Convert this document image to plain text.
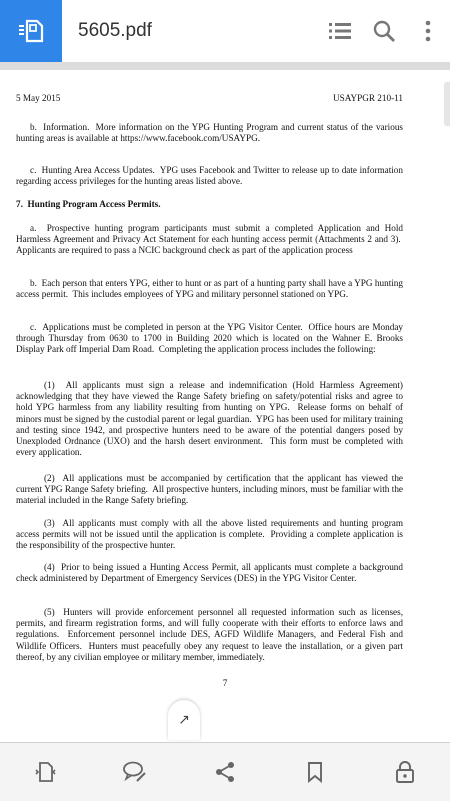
5605.pdf
5 May 2015	USAYPGR 210-11

b.  Information.  More information on the YPG Hunting Program and current status of the various hunting areas is available at https://www.facebook.com/USAYPG.

c.  Hunting Area Access Updates.  YPG uses Facebook and Twitter to release up to date information regarding access privileges for the hunting areas listed above.

7.  Hunting Program Access Permits.

a.  Prospective hunting program participants must submit a completed Application and Hold Harmless Agreement and Privacy Act Statement for each hunting access permit (Attachments 2 and 3).  Applicants are required to pass a NCIC background check as part of the application process

b.  Each person that enters YPG, either to hunt or as part of a hunting party shall have a YPG hunting access permit.  This includes employees of YPG and military personnel stationed on YPG.

c.  Applications must be completed in person at the YPG Visitor Center.  Office hours are Monday through Thursday from 0630 to 1700 in Building 2020 which is located on the Wahner E. Brooks Display Park off Imperial Dam Road.  Completing the application process includes the following:

(1)  All applicants must sign a release and indemnification (Hold Harmless Agreement) acknowledging that they have viewed the Range Safety briefing on safety/potential risks and agree to hold YPG harmless from any liability resulting from hunting on YPG.  Release forms on behalf of minors must be signed by the custodial parent or legal guardian.  YPG has been used for military training and testing since 1942, and prospective hunters need to be aware of the potential dangers posed by Unexploded Ordnance (UXO) and the harsh desert environment.  This form must be completed with every application.

(2)  All applications must be accompanied by certification that the applicant has viewed the current YPG Range Safety briefing.  All prospective hunters, including minors, must be familiar with the material included in the Range Safety briefing.

(3)  All applicants must comply with all the above listed requirements and hunting program access permits will not be issued until the application is complete.  Providing a complete application is the responsibility of the prospective hunter.

(4)  Prior to being issued a Hunting Access Permit, all applicants must complete a background check administered by Department of Emergency Services (DES) in the YPG Visitor Center.

(5)  Hunters will provide enforcement personnel all requested information such as licenses, permits, and firearm registration forms, and will fully cooperate with their efforts to enforce laws and regulations.  Enforcement personnel include DES, AGFD Wildlife Managers, and Federal Fish and Wildlife Officers.  Hunters must peacefully obey any request to leave the installation, or a given part thereof, by any civilian employee or military member, immediately.

7
↗
